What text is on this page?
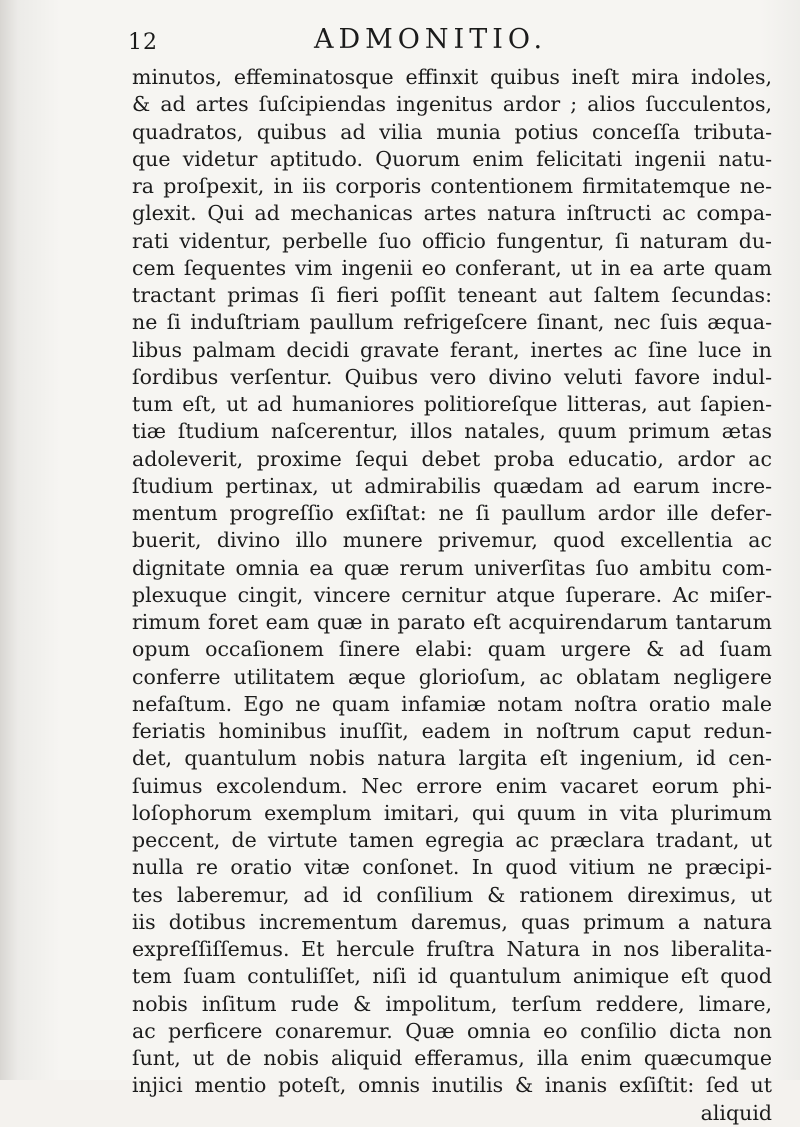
12	ADMONITIO.
minutos, effeminatosque effinxit quibus ineſt mira indoles,
& ad artes ſuſcipiendas ingenitus ardor ; alios ſucculentos,
quadratos, quibus ad vilia munia potius conceſſa tributa-
que videtur aptitudo. Quorum enim felicitati ingenii natu-
ra proſpexit, in iis corporis contentionem firmitatemque ne-
glexit. Qui ad mechanicas artes natura inſtructi ac compa-
rati videntur, perbelle ſuo officio fungentur, ſi naturam du-
cem ſequentes vim ingenii eo conferant, ut in ea arte quam
tractant primas ſi fieri poſſit teneant aut ſaltem ſecundas:
ne ſi induſtriam paullum refrigeſcere ſinant, nec ſuis æqua-
libus palmam decidi gravate ferant, inertes ac ſine luce in
ſordibus verſentur. Quibus vero divino veluti favore indul-
tum eſt, ut ad humaniores politioreſque litteras, aut ſapien-
tiæ ſtudium naſcerentur, illos natales, quum primum ætas
adoleverit, proxime ſequi debet proba educatio, ardor ac
ſtudium pertinax, ut admirabilis quædam ad earum incre-
mentum progreſſio exſiſtat: ne ſi paullum ardor ille defer-
buerit, divino illo munere privemur, quod excellentia ac
dignitate omnia ea quæ rerum univerſitas ſuo ambitu com-
plexuque cingit, vincere cernitur atque ſuperare. Ac miſer-
rimum foret eam quæ in parato eſt acquirendarum tantarum
opum occaſionem ſinere elabi: quam urgere & ad ſuam
conferre utilitatem æque glorioſum, ac oblatam negligere
nefaſtum. Ego ne quam infamiæ notam noſtra oratio male
feriatis hominibus inuſſit, eadem in noſtrum caput redun-
det, quantulum nobis natura largita eſt ingenium, id cen-
ſuimus excolendum. Nec errore enim vacaret eorum phi-
loſophorum exemplum imitari, qui quum in vita plurimum
peccent, de virtute tamen egregia ac præclara tradant, ut
nulla re oratio vitæ conſonet. In quod vitium ne præcipi-
tes laberemur, ad id conſilium & rationem direximus, ut
iis dotibus incrementum daremus, quas primum a natura
expreſſiſſemus. Et hercule fruſtra Natura in nos liberalita-
tem ſuam contuliſſet, niſi id quantulum animique eſt quod
nobis inſitum rude & impolitum, terſum reddere, limare,
ac perficere conaremur. Quæ omnia eo conſilio dicta non
ſunt, ut de nobis aliquid efferamus, illa enim quæcumque
injici mentio poteſt, omnis inutilis & inanis exſiſtit: ſed ut
aliquid
